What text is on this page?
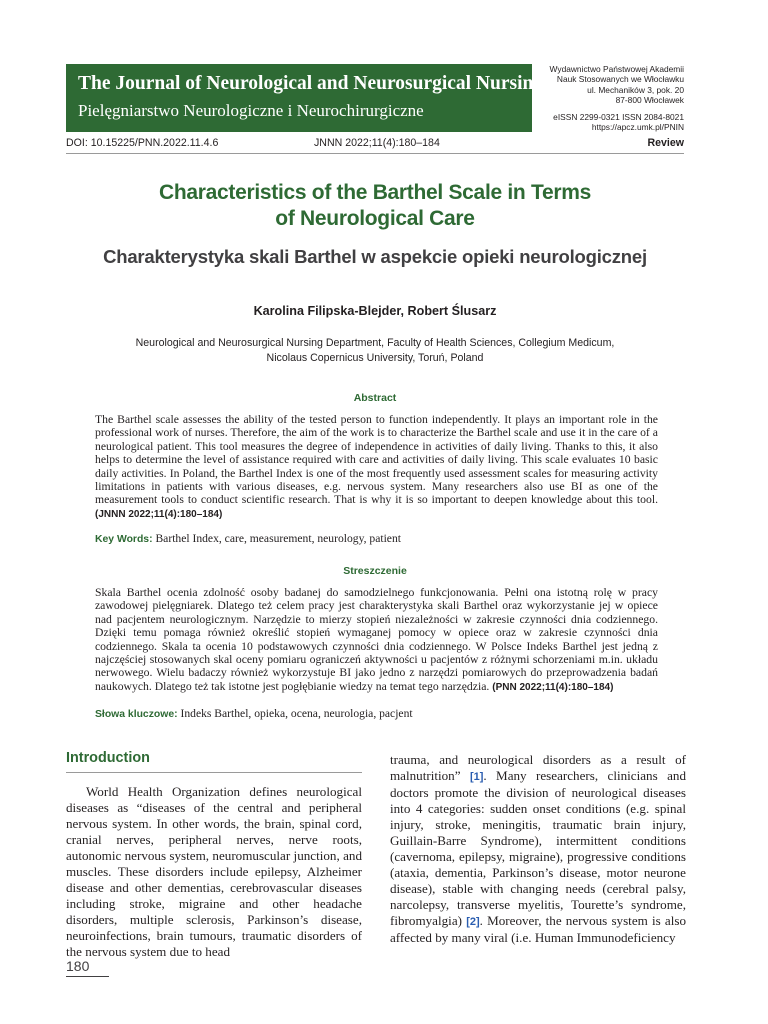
The Journal of Neurological and Neurosurgical Nursing
Pielęgniarstwo Neurologiczne i Neurochirurgiczne
Wydawnictwo Państwowej Akademii
Nauk Stosowanych we Włocławku
ul. Mechaników 3, pok. 20
87-800 Włocławek
eISSN 2299-0321 ISSN 2084-8021
https://apcz.umk.pl/PNIN
DOI: 10.15225/PNN.2022.11.4.6	JNNN 2022;11(4):180–184	Review
Characteristics of the Barthel Scale in Terms
of Neurological Care
Charakterystyka skali Barthel w aspekcie opieki neurologicznej
Karolina Filipska-Blejder, Robert Ślusarz
Neurological and Neurosurgical Nursing Department, Faculty of Health Sciences, Collegium Medicum,
Nicolaus Copernicus University, Toruń, Poland
Abstract
The Barthel scale assesses the ability of the tested person to function independently. It plays an important role in the professional work of nurses. Therefore, the aim of the work is to characterize the Barthel scale and use it in the care of a neurological patient. This tool measures the degree of independence in activities of daily living. Thanks to this, it also helps to determine the level of assistance required with care and activities of daily living. This scale evaluates 10 basic daily activities. In Poland, the Barthel Index is one of the most frequently used assessment scales for measuring activity limitations in patients with various diseases, e.g. nervous system. Many researchers also use BI as one of the measurement tools to conduct scientific research. That is why it is so important to deepen knowledge about this tool. (JNNN 2022;11(4):180–184)
Key Words: Barthel Index, care, measurement, neurology, patient
Streszczenie
Skala Barthel ocenia zdolność osoby badanej do samodzielnego funkcjonowania. Pełni ona istotną rolę w pracy zawodowej pielęgniarek. Dlatego też celem pracy jest charakterystyka skali Barthel oraz wykorzystanie jej w opiece nad pacjentem neurologicznym. Narzędzie to mierzy stopień niezależności w zakresie czynności dnia codziennego. Dzięki temu pomaga również określić stopień wymaganej pomocy w opiece oraz w zakresie czynności dnia codziennego. Skala ta ocenia 10 podstawowych czynności dnia codziennego. W Polsce Indeks Barthel jest jedną z najczęściej stosowanych skal oceny pomiaru ograniczeń aktywności u pacjentów z różnymi schorzeniami m.in. układu nerwowego. Wielu badaczy również wykorzystuje BI jako jedno z narzędzi pomiarowych do przeprowadzenia badań naukowych. Dlatego też tak istotne jest pogłębianie wiedzy na temat tego narzędzia. (PNN 2022;11(4):180–184)
Słowa kluczowe: Indeks Barthel, opieka, ocena, neurologia, pacjent
Introduction
World Health Organization defines neurological diseases as “diseases of the central and peripheral nervous system. In other words, the brain, spinal cord, cranial nerves, peripheral nerves, nerve roots, autonomic nervous system, neuromuscular junction, and muscles. These disorders include epilepsy, Alzheimer disease and other dementias, cerebrovascular diseases including stroke, migraine and other headache disorders, multiple sclerosis, Parkinson’s disease, neuroinfections, brain tumours, traumatic disorders of the nervous system due to head
trauma, and neurological disorders as a result of malnutrition” [1]. Many researchers, clinicians and doctors promote the division of neurological diseases into 4 categories: sudden onset conditions (e.g. spinal injury, stroke, meningitis, traumatic brain injury, Guillain-Barre Syndrome), intermittent conditions (cavernoma, epilepsy, migraine), progressive conditions (ataxia, dementia, Parkinson’s disease, motor neurone disease), stable with changing needs (cerebral palsy, narcolepsy, transverse myelitis, Tourette’s syndrome, fibromyalgia) [2]. Moreover, the nervous system is also affected by many viral (i.e. Human Immunodeficiency
180
